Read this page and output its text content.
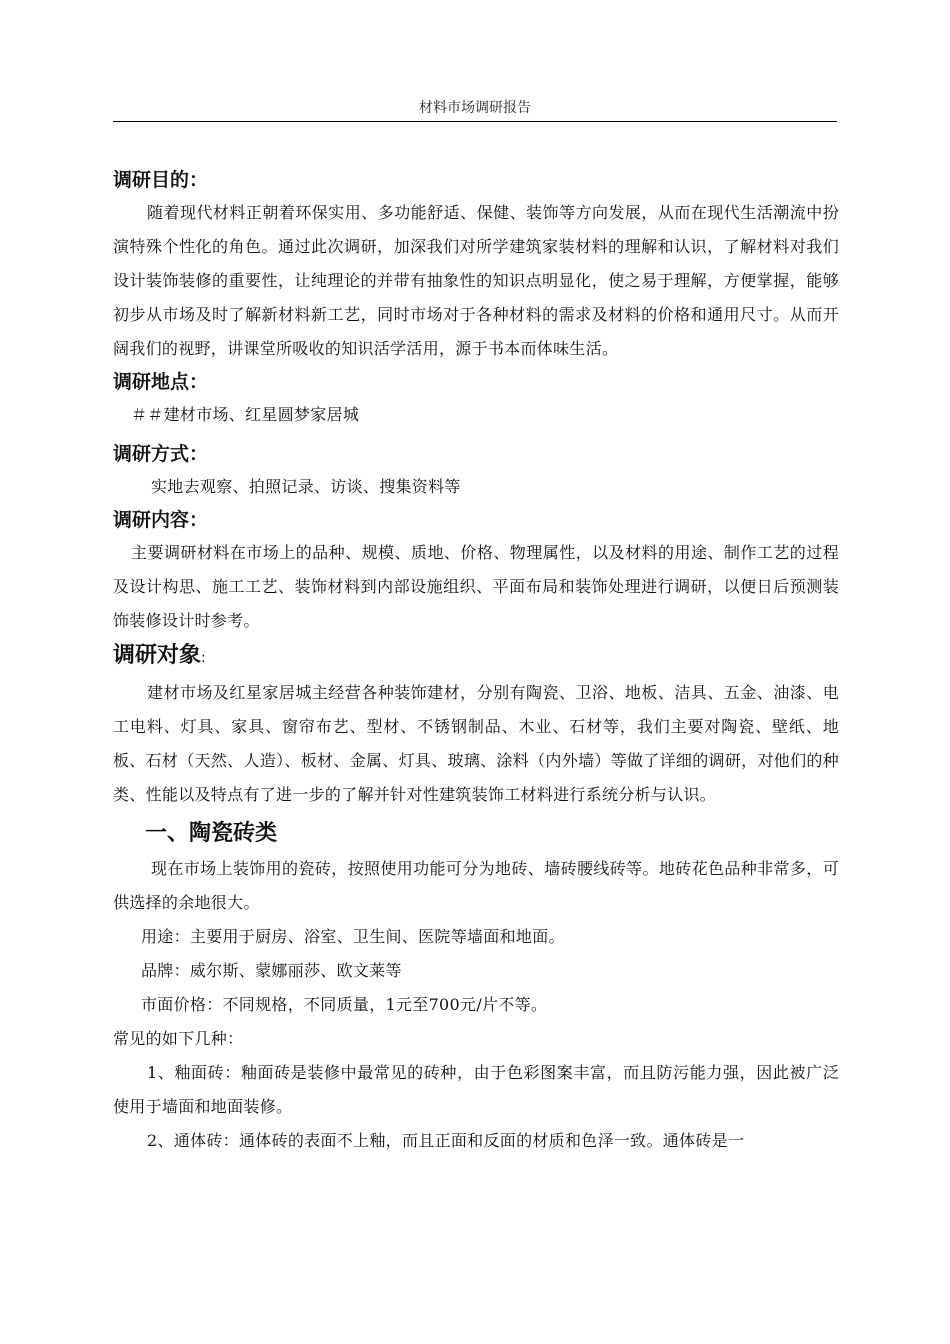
材料市场调研报告
调研目的：

随着现代材料正朝着环保实用、多功能舒适、保健、装饰等方向发展，从而在现代生活潮流中扮演特殊个性化的角色。通过此次调研，加深我们对所学建筑家装材料的理解和认识，了解材料对我们设计装饰装修的重要性，让纯理论的并带有抽象性的知识点明显化，使之易于理解，方便掌握，能够初步从市场及时了解新材料新工艺，同时市场对于各种材料的需求及材料的价格和通用尺寸。从而开阔我们的视野，讲课堂所吸收的知识活学活用，源于书本而体味生活。

调研地点：

＃＃建材市场、红星圆梦家居城

调研方式：

实地去观察、拍照记录、访谈、搜集资料等

调研内容：

主要调研材料在市场上的品种、规模、质地、价格、物理属性，以及材料的用途、制作工艺的过程及设计构思、施工工艺、装饰材料到内部设施组织、平面布局和装饰处理进行调研，以便日后预测装饰装修设计时参考。

调研对象:

建材市场及红星家居城主经营各种装饰建材，分别有陶瓷、卫浴、地板、洁具、五金、油漆、电工电料、灯具、家具、窗帘布艺、型材、不锈钢制品、木业、石材等，我们主要对陶瓷、壁纸、地板、石材（天然、人造）、板材、金属、灯具、玻璃、涂料（内外墙）等做了详细的调研，对他们的种类、性能以及特点有了进一步的了解并针对性建筑装饰工材料进行系统分析与认识。

一、陶瓷砖类

现在市场上装饰用的瓷砖，按照使用功能可分为地砖、墙砖腰线砖等。地砖花色品种非常多，可供选择的余地很大。

用途：主要用于厨房、浴室、卫生间、医院等墙面和地面。

品牌：威尔斯、蒙娜丽莎、欧文莱等

市面价格：不同规格，不同质量，1元至700元/片不等。

常见的如下几种：

1、釉面砖：釉面砖是装修中最常见的砖种，由于色彩图案丰富，而且防污能力强，因此被广泛使用于墙面和地面装修。

2、通体砖：通体砖的表面不上釉，而且正面和反面的材质和色泽一致。通体砖是一
